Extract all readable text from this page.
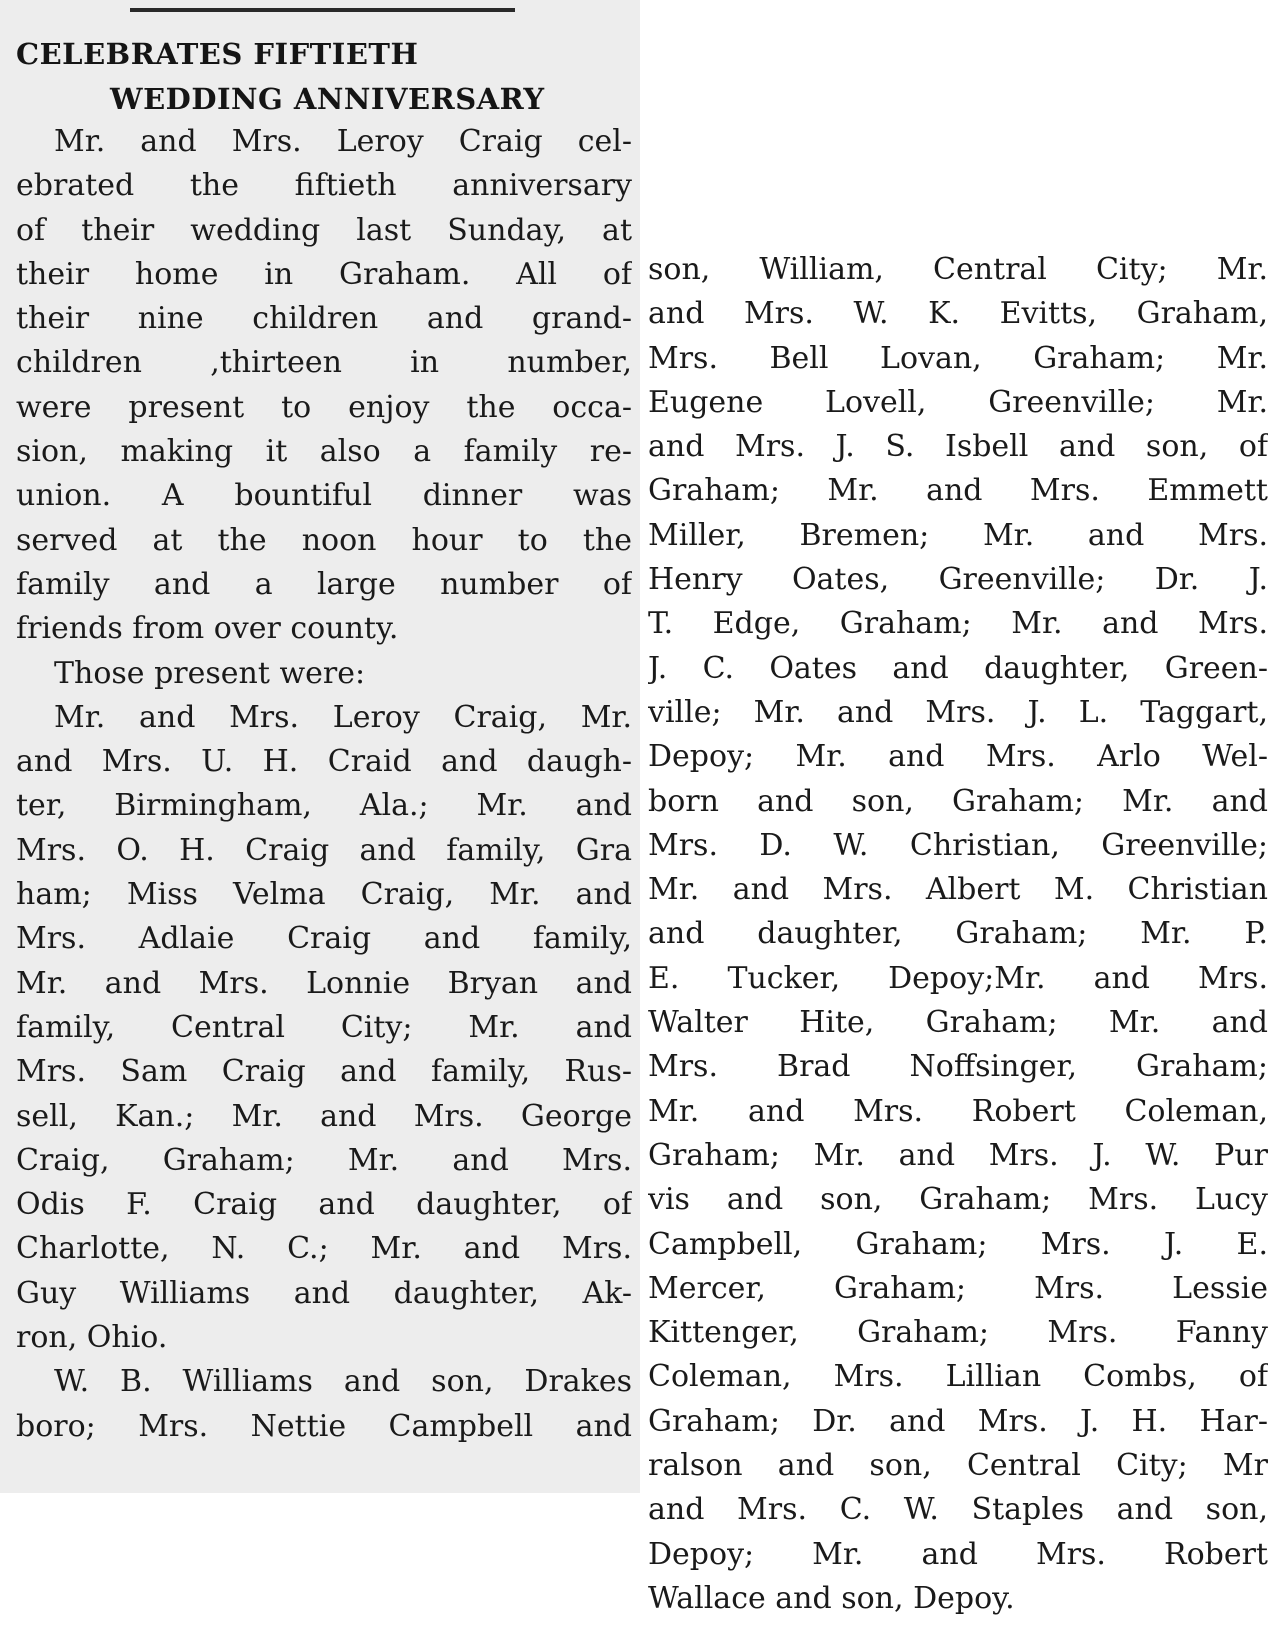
CELEBRATES FIFTIETH
WEDDING ANNIVERSARY
Mr. and Mrs. Leroy Craig cel-
ebrated the fiftieth anniversary
of their wedding last Sunday, at
their home in Graham. All of
their nine children and grand-
children ,thirteen in number,
were present to enjoy the occa-
sion, making it also a family re-
union. A bountiful dinner was
served at the noon hour to the
family and a large number of
friends from over county.
Those present were:
Mr. and Mrs. Leroy Craig, Mr.
and Mrs. U. H. Craid and daugh-
ter, Birmingham, Ala.; Mr. and
Mrs. O. H. Craig and family, Gra
ham; Miss Velma Craig, Mr. and
Mrs. Adlaie Craig and family,
Mr. and Mrs. Lonnie Bryan and
family, Central City; Mr. and
Mrs. Sam Craig and family, Rus-
sell, Kan.; Mr. and Mrs. George
Craig, Graham; Mr. and Mrs.
Odis F. Craig and daughter, of
Charlotte, N. C.; Mr. and Mrs.
Guy Williams and daughter, Ak-
ron, Ohio.
W. B. Williams and son, Drakes
boro; Mrs. Nettie Campbell and
son, William, Central City; Mr.
and Mrs. W. K. Evitts, Graham,
Mrs. Bell Lovan, Graham; Mr.
Eugene Lovell, Greenville; Mr.
and Mrs. J. S. Isbell and son, of
Graham; Mr. and Mrs. Emmett
Miller, Bremen; Mr. and Mrs.
Henry Oates, Greenville; Dr. J.
T. Edge, Graham; Mr. and Mrs.
J. C. Oates and daughter, Green-
ville; Mr. and Mrs. J. L. Taggart,
Depoy; Mr. and Mrs. Arlo Wel-
born and son, Graham; Mr. and
Mrs. D. W. Christian, Greenville;
Mr. and Mrs. Albert M. Christian
and daughter, Graham; Mr. P.
E. Tucker, Depoy;Mr. and Mrs.
Walter Hite, Graham; Mr. and
Mrs. Brad Noffsinger, Graham;
Mr. and Mrs. Robert Coleman,
Graham; Mr. and Mrs. J. W. Pur
vis and son, Graham; Mrs. Lucy
Campbell, Graham; Mrs. J. E.
Mercer, Graham; Mrs. Lessie
Kittenger, Graham; Mrs. Fanny
Coleman, Mrs. Lillian Combs, of
Graham; Dr. and Mrs. J. H. Har-
ralson and son, Central City; Mr
and Mrs. C. W. Staples and son,
Depoy; Mr. and Mrs. Robert
Wallace and son, Depoy.
